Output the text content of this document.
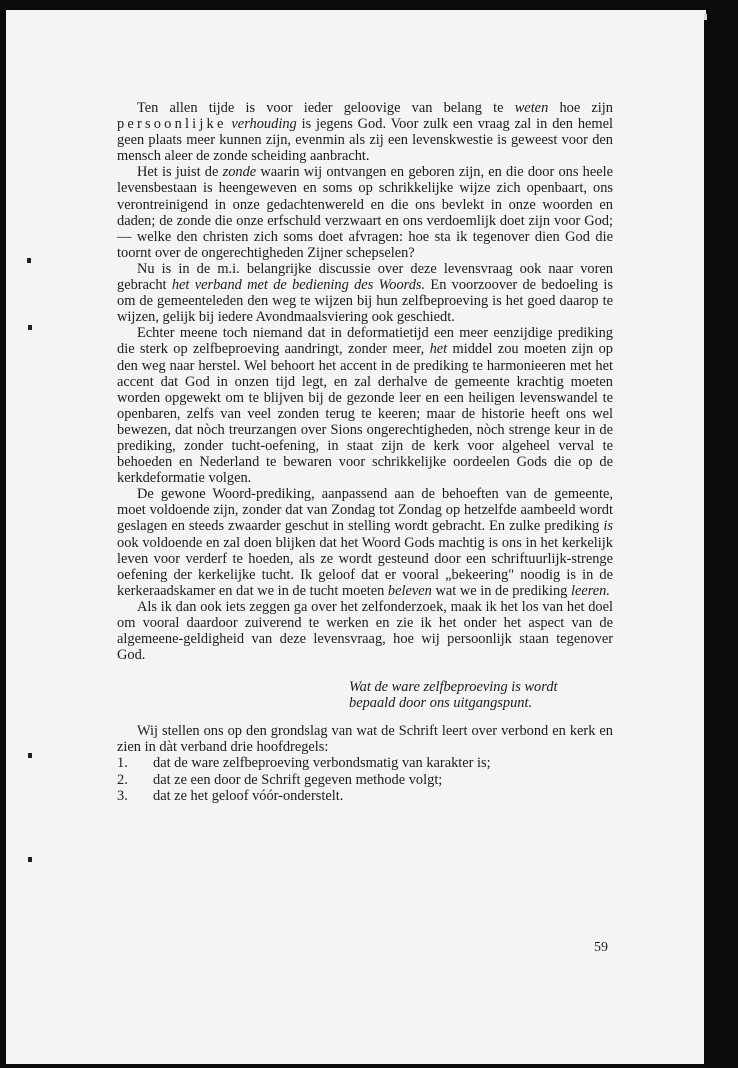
Ten allen tijde is voor ieder geloovige van belang te weten hoe zijn persoonlijke verhouding is jegens God. Voor zulk een vraag zal in den hemel geen plaats meer kunnen zijn, evenmin als zij een levenskwestie is geweest voor den mensch aleer de zonde scheiding aanbracht.

Het is juist de zonde waarin wij ontvangen en geboren zijn, en die door ons heele levensbestaan is heengeweven en soms op schrikkelijke wijze zich openbaart, ons verontreinigend in onze gedachtenwereld en die ons bevlekt in onze woorden en daden; de zonde die onze erfschuld verzwaart en ons verdoemlijk doet zijn voor God; — welke den christen zich soms doet afvragen: hoe sta ik tegenover dien God die toornt over de ongerechtigheden Zijner schepselen?

Nu is in de m.i. belangrijke discussie over deze levensvraag ook naar voren gebracht het verband met de bediening des Woords. En voorzoover de bedoeling is om de gemeenteleden den weg te wijzen bij hun zelfbeproeving is het goed daarop te wijzen, gelijk bij iedere Avondmaalsviering ook geschiedt.

Echter meene toch niemand dat in deformatietijd een meer eenzijdige prediking die sterk op zelfbeproeving aandringt, zonder meer, het middel zou moeten zijn op den weg naar herstel. Wel behoort het accent in de prediking te harmonieeren met het accent dat God in onzen tijd legt, en zal derhalve de gemeente krachtig moeten worden opgewekt om te blijven bij de gezonde leer en een heiligen levenswandel te openbaren, zelfs van veel zonden terug te keeren; maar de historie heeft ons wel bewezen, dat nòch treurzangen over Sions ongerechtigheden, nòch strenge keur in de prediking, zonder tucht-oefening, in staat zijn de kerk voor algeheel verval te behoeden en Nederland te bewaren voor schrikkelijke oordeelen Gods die op de kerkdeformatie volgen.

De gewone Woord-prediking, aanpassend aan de behoeften van de gemeente, moet voldoende zijn, zonder dat van Zondag tot Zondag op hetzelfde aambeeld wordt geslagen en steeds zwaarder geschut in stelling wordt gebracht. En zulke prediking is ook voldoende en zal doen blijken dat het Woord Gods machtig is ons in het kerkelijk leven voor verderf te hoeden, als ze wordt gesteund door een schriftuurlijk-strenge oefening der kerkelijke tucht. Ik geloof dat er vooral „bekeering" noodig is in de kerkeraadskamer en dat we in de tucht moeten beleven wat we in de prediking leeren.

Als ik dan ook iets zeggen ga over het zelfonderzoek, maak ik het los van het doel om vooral daardoor zuiverend te werken en zie ik het onder het aspect van de algemeene-geldigheid van deze levensvraag, hoe wij persoonlijk staan tegenover God.

Wat de ware zelfbeproeving is wordt
bepaald door ons uitgangspunt.

Wij stellen ons op den grondslag van wat de Schrift leert over verbond en kerk en zien in dàt verband drie hoofdregels:

1.	dat de ware zelfbeproeving verbondsmatig van karakter is;
2.	dat ze een door de Schrift gegeven methode volgt;
3.	dat ze het geloof vóór-onderstelt.
59
